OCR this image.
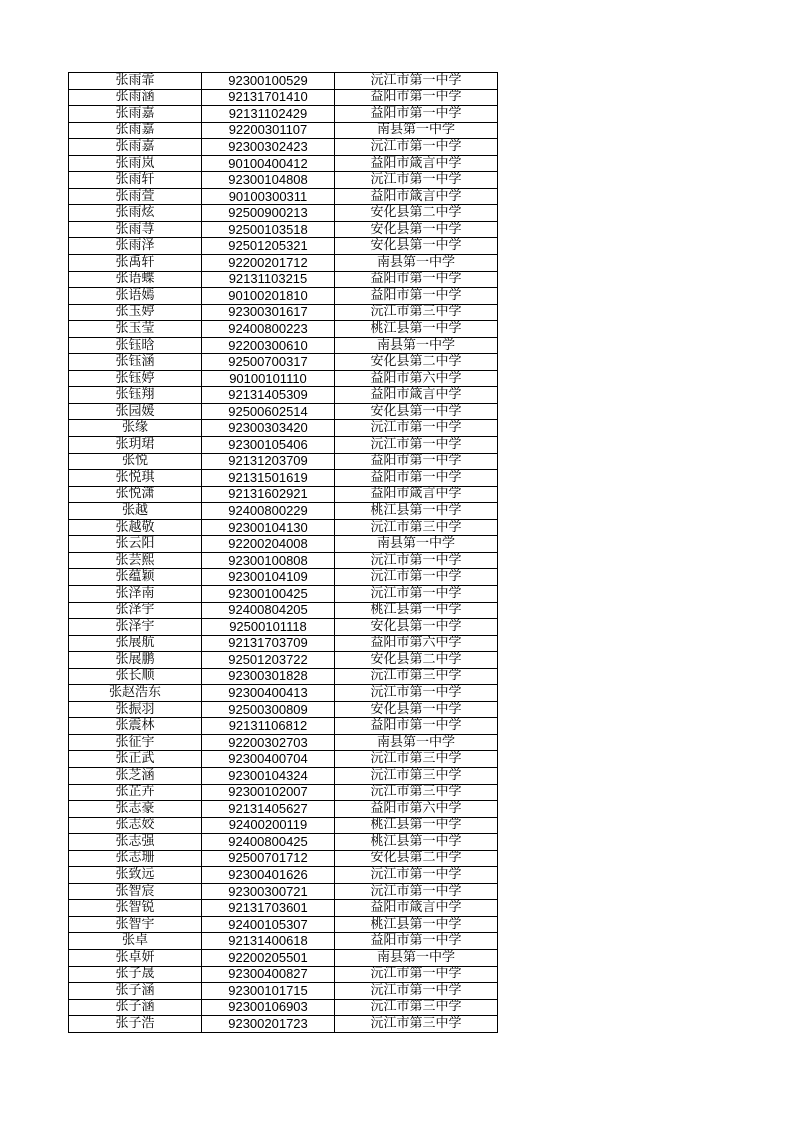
张雨霏	92300100529	沅江市第一中学
张雨涵	92131701410	益阳市第一中学
张雨嘉	92131102429	益阳市第一中学
张雨嘉	92200301107	南县第一中学
张雨嘉	92300302423	沅江市第一中学
张雨岚	90100400412	益阳市箴言中学
张雨轩	92300104808	沅江市第一中学
张雨萱	90100300311	益阳市箴言中学
张雨炫	92500900213	安化县第二中学
张雨荨	92500103518	安化县第一中学
张雨泽	92501205321	安化县第一中学
张禹轩	92200201712	南县第一中学
张语蝶	92131103215	益阳市第一中学
张语嫣	90100201810	益阳市第一中学
张玉婷	92300301617	沅江市第三中学
张玉莹	92400800223	桃江县第一中学
张钰晗	92200300610	南县第一中学
张钰涵	92500700317	安化县第二中学
张钰婷	90100101110	益阳市第六中学
张钰翔	92131405309	益阳市箴言中学
张园媛	92500602514	安化县第一中学
张缘	92300303420	沅江市第一中学
张玥珺	92300105406	沅江市第一中学
张悦	92131203709	益阳市第一中学
张悦琪	92131501619	益阳市第一中学
张悦潇	92131602921	益阳市箴言中学
张越	92400800229	桃江县第一中学
张越敬	92300104130	沅江市第三中学
张云阳	92200204008	南县第一中学
张芸熙	92300100808	沅江市第一中学
张蕴颖	92300104109	沅江市第一中学
张泽南	92300100425	沅江市第一中学
张泽宇	92400804205	桃江县第一中学
张泽宇	92500101118	安化县第一中学
张展航	92131703709	益阳市第六中学
张展鹏	92501203722	安化县第二中学
张长顺	92300301828	沅江市第三中学
张赵浩东	92300400413	沅江市第一中学
张振羽	92500300809	安化县第一中学
张震林	92131106812	益阳市第一中学
张征宇	92200302703	南县第一中学
张正武	92300400704	沅江市第三中学
张芝涵	92300104324	沅江市第三中学
张芷卉	92300102007	沅江市第三中学
张志豪	92131405627	益阳市第六中学
张志姣	92400200119	桃江县第一中学
张志强	92400800425	桃江县第一中学
张志珊	92500701712	安化县第二中学
张致远	92300401626	沅江市第一中学
张智宸	92300300721	沅江市第一中学
张智锐	92131703601	益阳市箴言中学
张智宇	92400105307	桃江县第一中学
张卓	92131400618	益阳市第一中学
张卓妍	92200205501	南县第一中学
张子晟	92300400827	沅江市第一中学
张子涵	92300101715	沅江市第一中学
张子涵	92300106903	沅江市第三中学
张子浩	92300201723	沅江市第三中学
